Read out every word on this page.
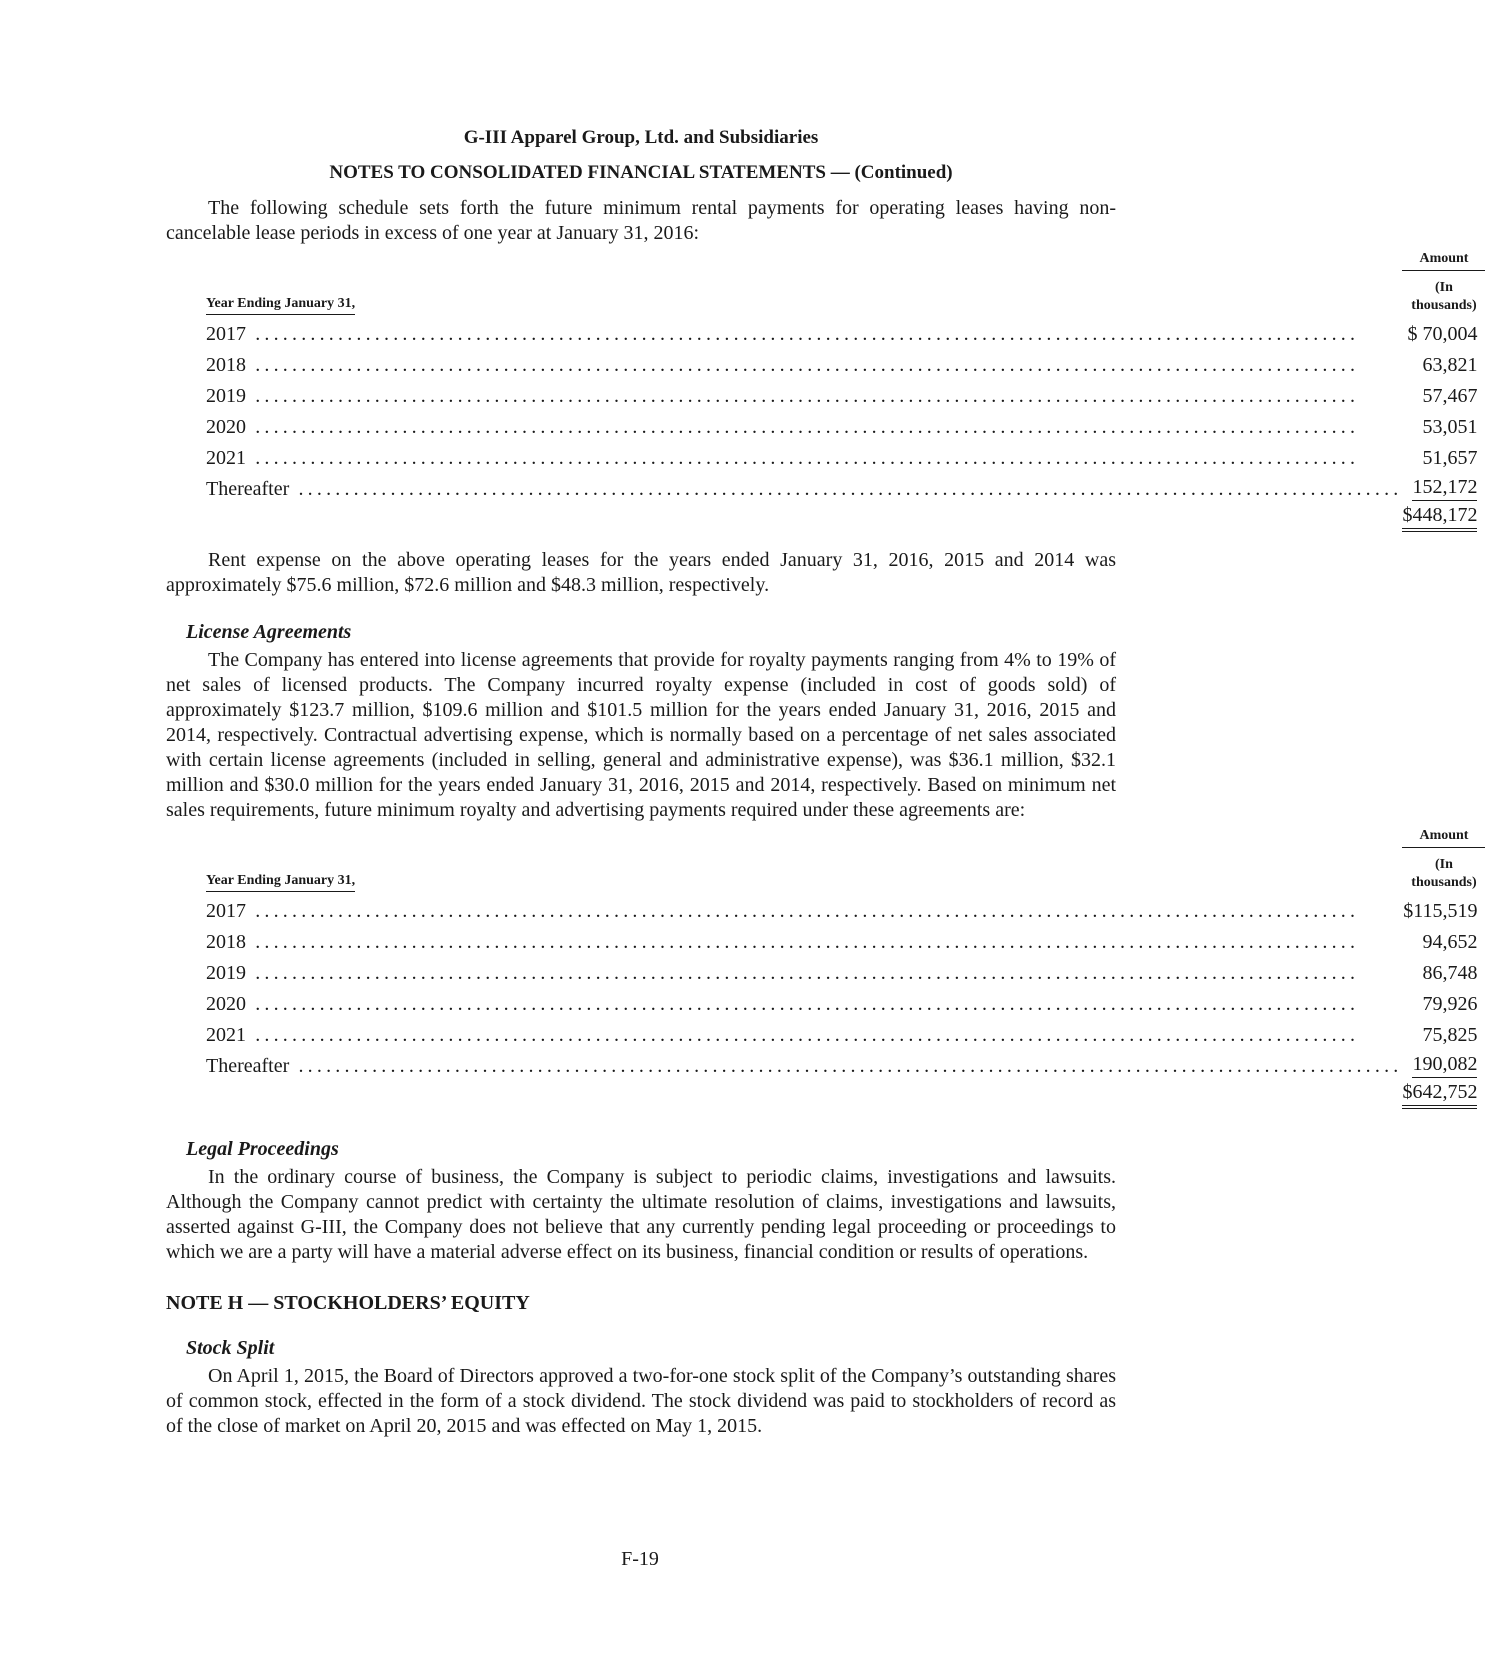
G-III Apparel Group, Ltd. and Subsidiaries
NOTES TO CONSOLIDATED FINANCIAL STATEMENTS — (Continued)

The following schedule sets forth the future minimum rental payments for operating leases having non-cancelable lease periods in excess of one year at January 31, 2016:

Year Ending January 31,	Amount
(In thousands)

2017 ........................................................................................................................	$ 70,004
2018 ........................................................................................................................	63,821
2019 ........................................................................................................................	57,467
2020 ........................................................................................................................	53,051
2021 ........................................................................................................................	51,657
Thereafter ........................................................................................................................	152,172
	$448,172

Rent expense on the above operating leases for the years ended January 31, 2016, 2015 and 2014 was approximately $75.6 million, $72.6 million and $48.3 million, respectively.

License Agreements

The Company has entered into license agreements that provide for royalty payments ranging from 4% to 19% of net sales of licensed products. The Company incurred royalty expense (included in cost of goods sold) of approximately $123.7 million, $109.6 million and $101.5 million for the years ended January 31, 2016, 2015 and 2014, respectively. Contractual advertising expense, which is normally based on a percentage of net sales associated with certain license agreements (included in selling, general and administrative expense), was $36.1 million, $32.1 million and $30.0 million for the years ended January 31, 2016, 2015 and 2014, respectively. Based on minimum net sales requirements, future minimum royalty and advertising payments required under these agreements are:

Year Ending January 31,	Amount
(In thousands)

2017 ........................................................................................................................	$115,519
2018 ........................................................................................................................	94,652
2019 ........................................................................................................................	86,748
2020 ........................................................................................................................	79,926
2021 ........................................................................................................................	75,825
Thereafter ........................................................................................................................	190,082
	$642,752
Legal Proceedings

In the ordinary course of business, the Company is subject to periodic claims, investigations and lawsuits. Although the Company cannot predict with certainty the ultimate resolution of claims, investigations and lawsuits, asserted against G-III, the Company does not believe that any currently pending legal proceeding or proceedings to which we are a party will have a material adverse effect on its business, financial condition or results of operations.

NOTE H — STOCKHOLDERS’ EQUITY
Stock Split

On April 1, 2015, the Board of Directors approved a two-for-one stock split of the Company’s outstanding shares of common stock, effected in the form of a stock dividend. The stock dividend was paid to stockholders of record as of the close of market on April 20, 2015 and was effected on May 1, 2015.

F-19
